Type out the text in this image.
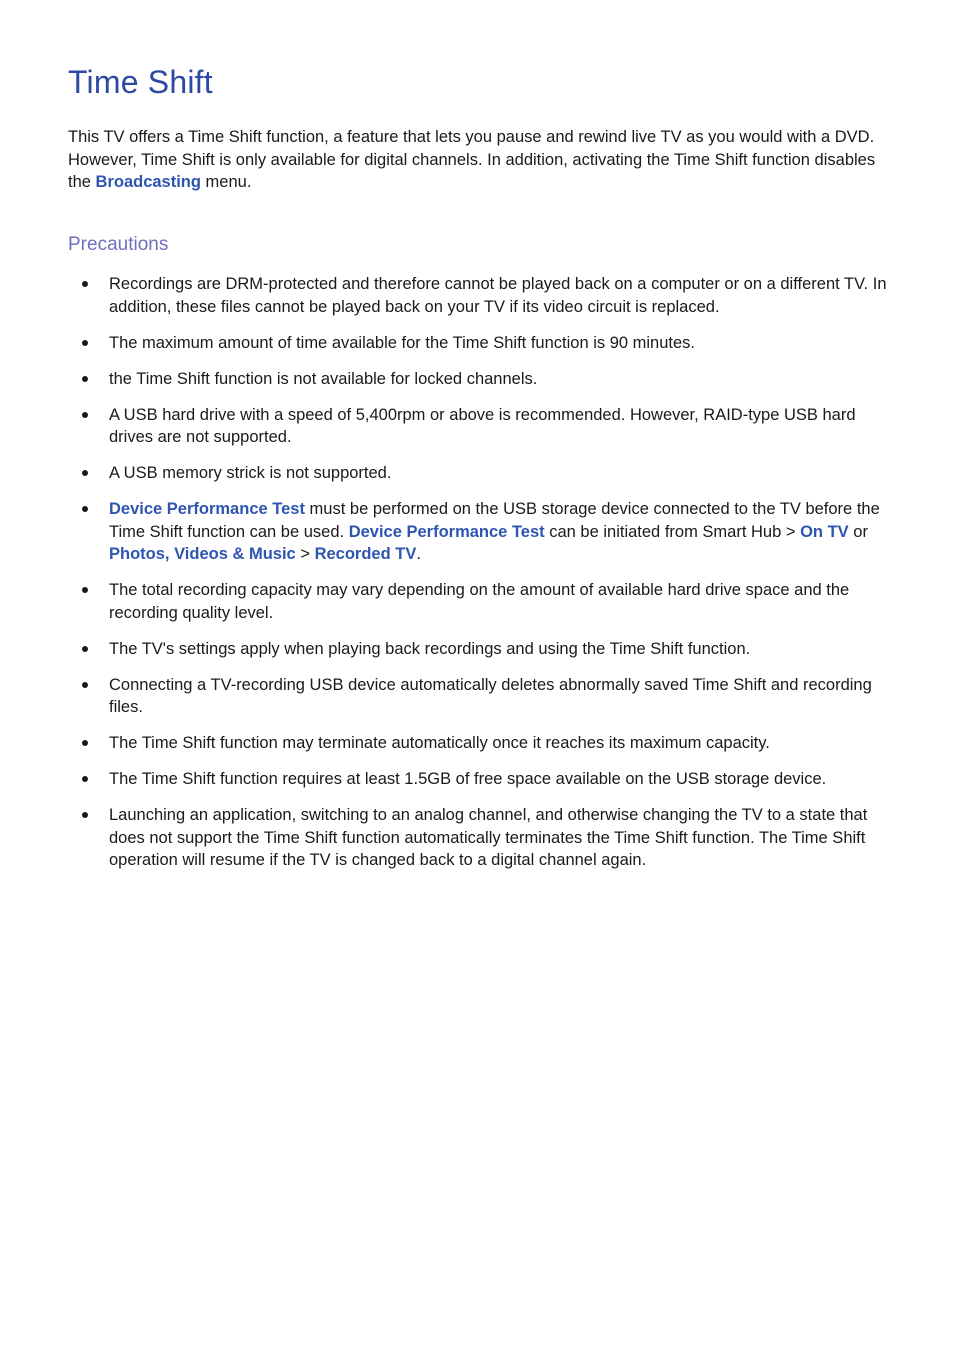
Time Shift

This TV offers a Time Shift function, a feature that lets you pause and rewind live TV as you would with a DVD. However, Time Shift is only available for digital channels. In addition, activating the Time Shift function disables the Broadcasting menu.

Precautions
Recordings are DRM-protected and therefore cannot be played back on a computer or on a different TV. In addition, these files cannot be played back on your TV if its video circuit is replaced.
The maximum amount of time available for the Time Shift function is 90 minutes.
the Time Shift function is not available for locked channels.
A USB hard drive with a speed of 5,400rpm or above is recommended. However, RAID-type USB hard drives are not supported.
A USB memory strick is not supported.
Device Performance Test must be performed on the USB storage device connected to the TV before the Time Shift function can be used. Device Performance Test can be initiated from Smart Hub > On TV or Photos, Videos & Music > Recorded TV.
The total recording capacity may vary depending on the amount of available hard drive space and the recording quality level.
The TV's settings apply when playing back recordings and using the Time Shift function.
Connecting a TV-recording USB device automatically deletes abnormally saved Time Shift and recording files.
The Time Shift function may terminate automatically once it reaches its maximum capacity.
The Time Shift function requires at least 1.5GB of free space available on the USB storage device.
Launching an application, switching to an analog channel, and otherwise changing the TV to a state that does not support the Time Shift function automatically terminates the Time Shift function. The Time Shift operation will resume if the TV is changed back to a digital channel again.
